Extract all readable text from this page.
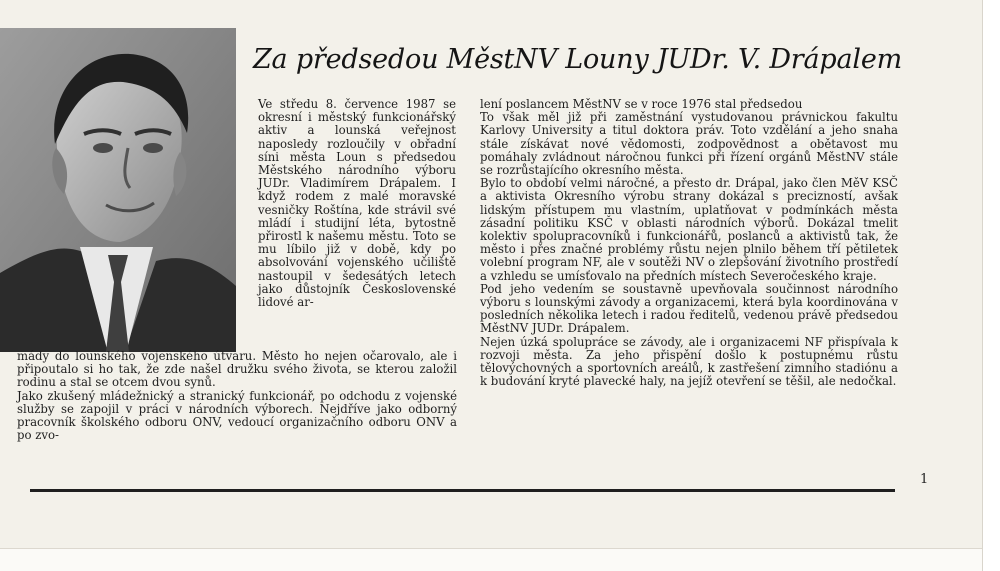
Za předsedou MěstNV Louny JUDr. V. Drápalem
Ve středu 8. července 1987 se okresní i městský funkcionářský aktiv a lounská veřejnost naposledy rozloučily v obřadní síni města Loun s předsedou Městského národního výboru JUDr. Vladimírem Drápalem. I když rodem z malé moravské vesničky Roštína, kde strávil své mládí i studijní léta, bytostně přirostl k našemu městu. Toto se mu líbilo již v době, kdy po absolvování vojenského učiliště nastoupil v šedesátých letech jako důstojník Československé lidové ar-
mády do lounského vojenského útvaru. Město ho nejen očarovalo, ale i připoutalo si ho tak, že zde našel družku svého života, se kterou založil rodinu a stal se otcem dvou synů.
Jako zkušený mládežnický a stranický funkcionář, po odchodu z vojenské služby se zapojil v práci v národních výborech. Nejdříve jako odborný pracovník školského odboru ONV, vedoucí organizačního odboru ONV a po zvo-
lení poslancem MěstNV se v roce 1976 stal předsedou
To však měl již při zaměstnání vystudovanou právnickou fakultu Karlovy University a titul doktora práv. Toto vzdělání a jeho snaha stále získávat nové vědomosti, zodpovědnost a obětavost mu pomáhaly zvládnout náročnou funkci při řízení orgánů MěstNV stále se rozrůstajícího okresního města.
Bylo to období velmi náročné, a přesto dr. Drápal, jako člen MěV KSČ a aktivista Okresního výrobu strany dokázal s precizností, avšak lidským přístupem mu vlastním, uplatňovat v podmínkách města zásadní politiku KSČ v oblasti národních výborů. Dokázal tmelit kolektiv spolupracovníků i funkcionářů, poslanců a aktivistů tak, že město i přes značné problémy růstu nejen plnilo během tří pětiletek volební program NF, ale v soutěži NV o zlepšování životního prostředí a vzhledu se umísťovalo na předních místech Severočeského kraje.
Pod jeho vedením se soustavně upevňovala součinnost národního výboru s lounskými závody a organizacemi, která byla koordinována v posledních několika letech i radou ředitelů, vedenou právě předsedou MěstNV JUDr. Drápalem.
Nejen úzká spolupráce se závody, ale i organizacemi NF přispívala k rozvoji města. Za jeho přispění došlo k postupnému růstu tělovýchovných a sportovních areálů, k zastřešení zimního stadiónu a k budování kryté plavecké haly, na jejíž otevření se těšil, ale nedočkal.
1
